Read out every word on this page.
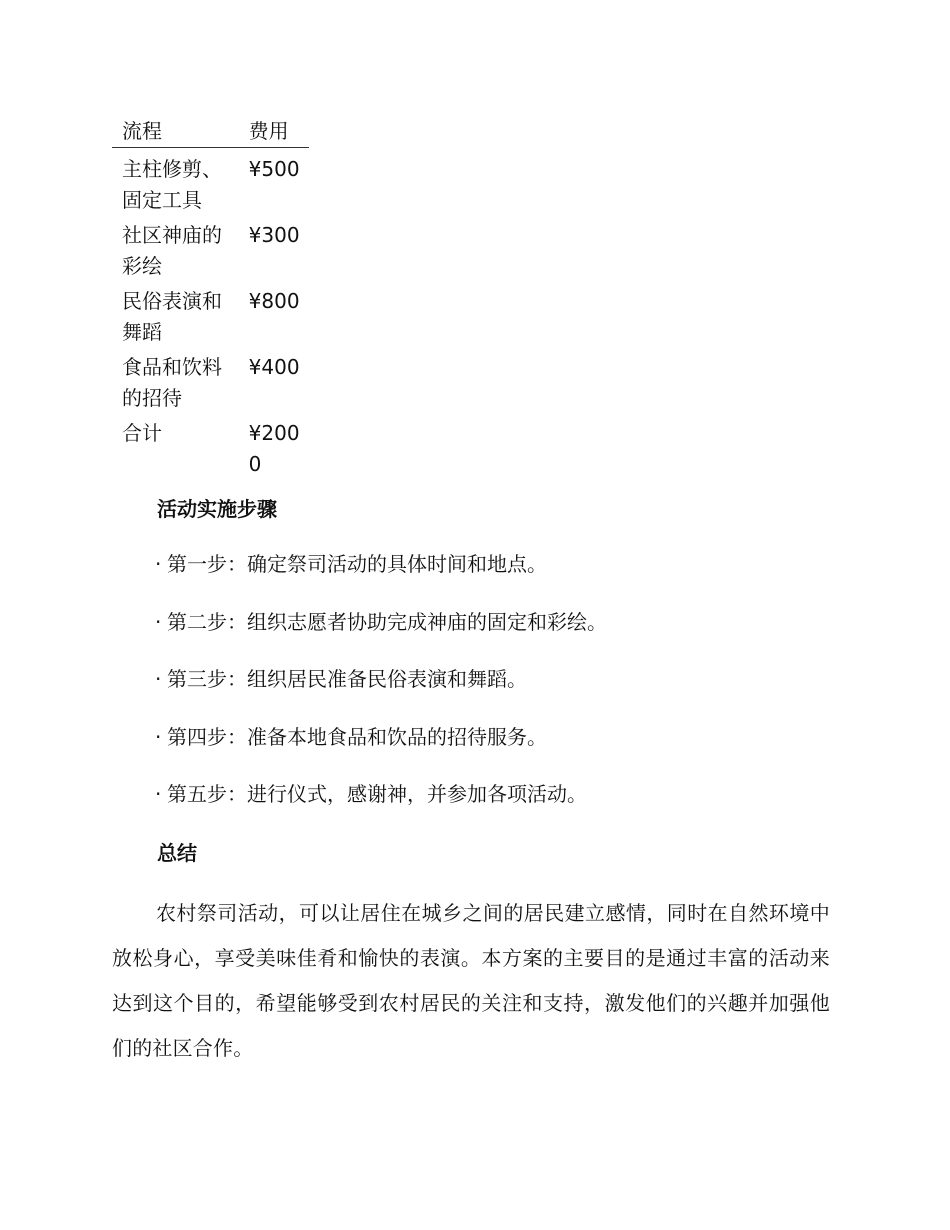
流程	费用
主柱修剪、固定工具	¥500
社区神庙的彩绘	¥300
民俗表演和舞蹈	¥800
食品和饮料的招待	¥400
合计	¥2000
活动实施步骤
· 第一步：确定祭司活动的具体时间和地点。
· 第二步：组织志愿者协助完成神庙的固定和彩绘。
· 第三步：组织居民准备民俗表演和舞蹈。
· 第四步：准备本地食品和饮品的招待服务。
· 第五步：进行仪式，感谢神，并参加各项活动。
总结

农村祭司活动，可以让居住在城乡之间的居民建立感情，同时在自然环境中放松身心，享受美味佳肴和愉快的表演。本方案的主要目的是通过丰富的活动来达到这个目的，希望能够受到农村居民的关注和支持，激发他们的兴趣并加强他们的社区合作。
